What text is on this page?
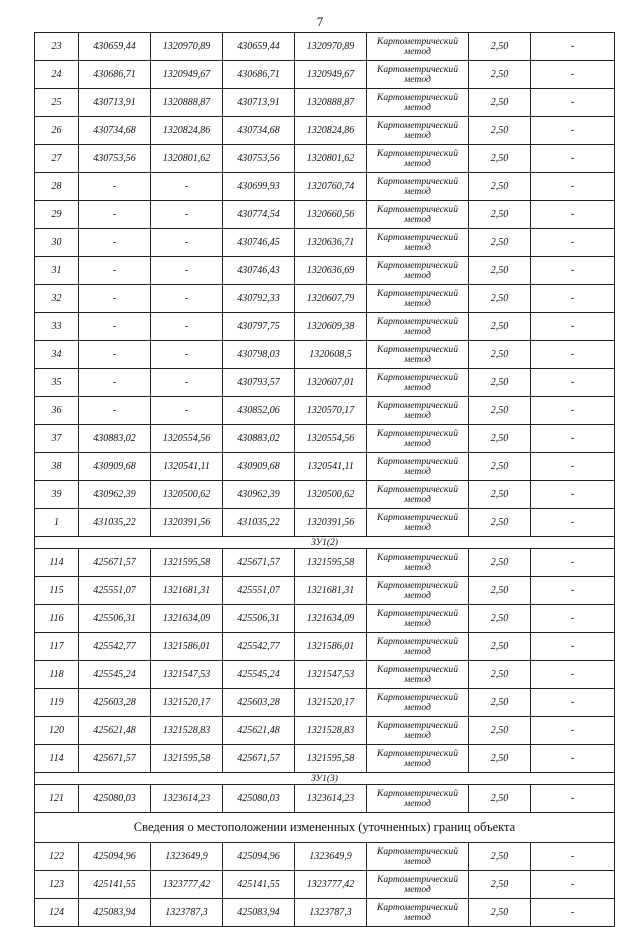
7
23	430659,44	1320970,89	430659,44	1320970,89	Картометрический метод	2,50	-
24	430686,71	1320949,67	430686,71	1320949,67	Картометрический метод	2,50	-
25	430713,91	1320888,87	430713,91	1320888,87	Картометрический метод	2,50	-
26	430734,68	1320824,86	430734,68	1320824,86	Картометрический метод	2,50	-
27	430753,56	1320801,62	430753,56	1320801,62	Картометрический метод	2,50	-
28	-	-	430699,93	1320760,74	Картометрический метод	2,50	-
29	-	-	430774,54	1320660,56	Картометрический метод	2,50	-
30	-	-	430746,45	1320636,71	Картометрический метод	2,50	-
31	-	-	430746,43	1320636,69	Картометрический метод	2,50	-
32	-	-	430792,33	1320607,79	Картометрический метод	2,50	-
33	-	-	430797,75	1320609,38	Картометрический метод	2,50	-
34	-	-	430798,03	1320608,5	Картометрический метод	2,50	-
35	-	-	430793,57	1320607,01	Картометрический метод	2,50	-
36	-	-	430852,06	1320570,17	Картометрический метод	2,50	-
37	430883,02	1320554,56	430883,02	1320554,56	Картометрический метод	2,50	-
38	430909,68	1320541,11	430909,68	1320541,11	Картометрический метод	2,50	-
39	430962,39	1320500,62	430962,39	1320500,62	Картометрический метод	2,50	-
1	431035,22	1320391,56	431035,22	1320391,56	Картометрический метод	2,50	-
ЗУ1(2)							
114	425671,57	1321595,58	425671,57	1321595,58	Картометрический метод	2,50	-
115	425551,07	1321681,31	425551,07	1321681,31	Картометрический метод	2,50	-
116	425506,31	1321634,09	425506,31	1321634,09	Картометрический метод	2,50	-
117	425542,77	1321586,01	425542,77	1321586,01	Картометрический метод	2,50	-
118	425545,24	1321547,53	425545,24	1321547,53	Картометрический метод	2,50	-
119	425603,28	1321520,17	425603,28	1321520,17	Картометрический метод	2,50	-
120	425621,48	1321528,83	425621,48	1321528,83	Картометрический метод	2,50	-
114	425671,57	1321595,58	425671,57	1321595,58	Картометрический метод	2,50	-
ЗУ1(3)							
121	425080,03	1323614,23	425080,03	1323614,23	Картометрический метод	2,50	-
Сведения о местоположении измененных (уточненных) границ объекта							
122	425094,96	1323649,9	425094,96	1323649,9	Картометрический метод	2,50	-
123	425141,55	1323777,42	425141,55	1323777,42	Картометрический метод	2,50	-
124	425083,94	1323787,3	425083,94	1323787,3	Картометрический метод	2,50	-
